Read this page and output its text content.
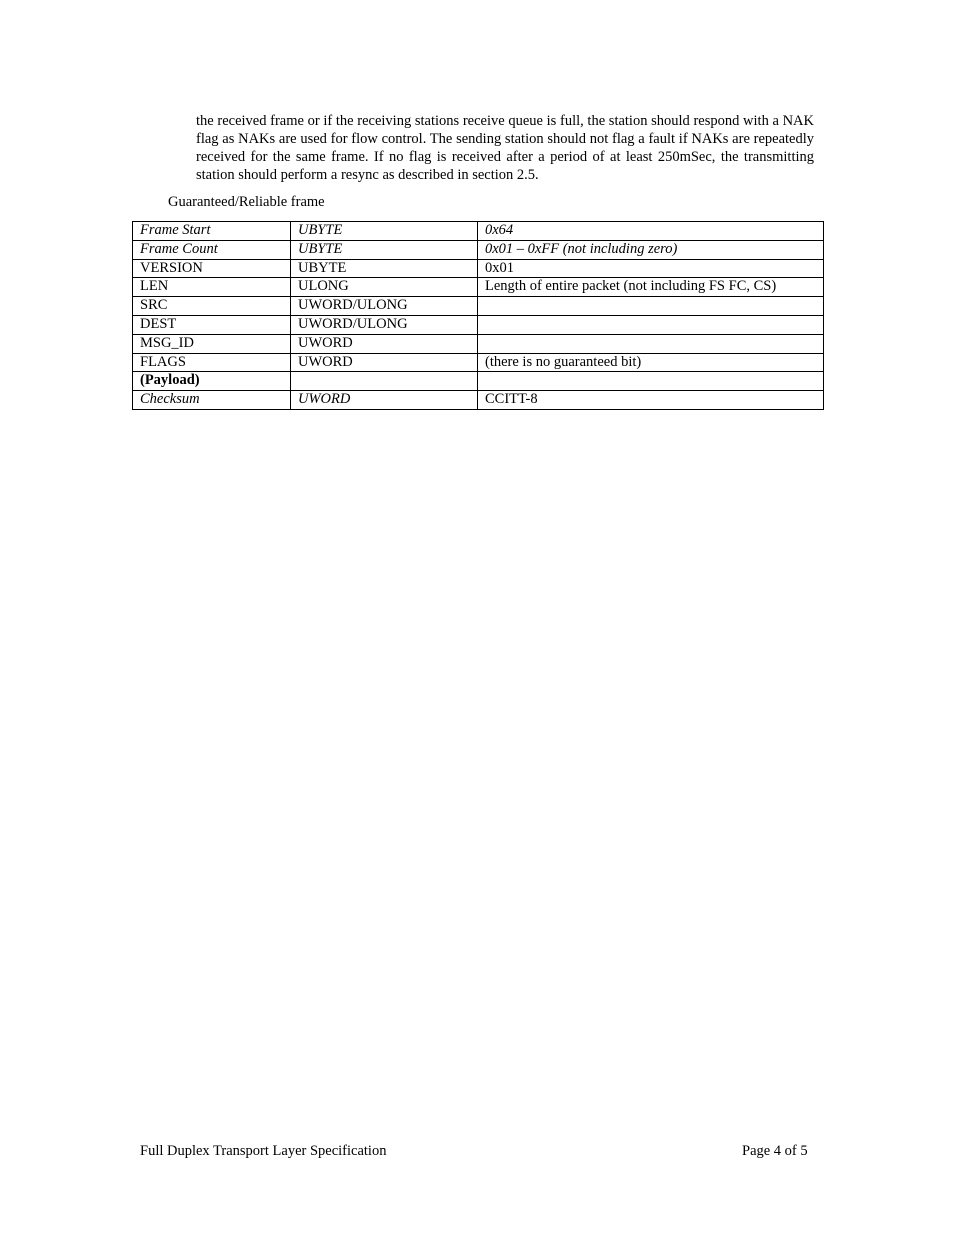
the received frame or if the receiving stations receive queue is full, the station should respond with a NAK flag as NAKs are used for flow control. The sending station should not flag a fault if NAKs are repeatedly received for the same frame. If no flag is received after a period of at least 250mSec, the transmitting station should perform a resync as described in section 2.5.

Guaranteed/Reliable frame

Frame Start	UBYTE	0x64
Frame Count	UBYTE	0x01 – 0xFF (not including zero)
VERSION	UBYTE	0x01
LEN	ULONG	Length of entire packet (not including FS FC, CS)
SRC	UWORD/ULONG	
DEST	UWORD/ULONG	
MSG_ID	UWORD	
FLAGS	UWORD	(there is no guaranteed bit)
(Payload)		
Checksum	UWORD	CCITT-8

Full Duplex Transport Layer Specification	Page 4 of 5
